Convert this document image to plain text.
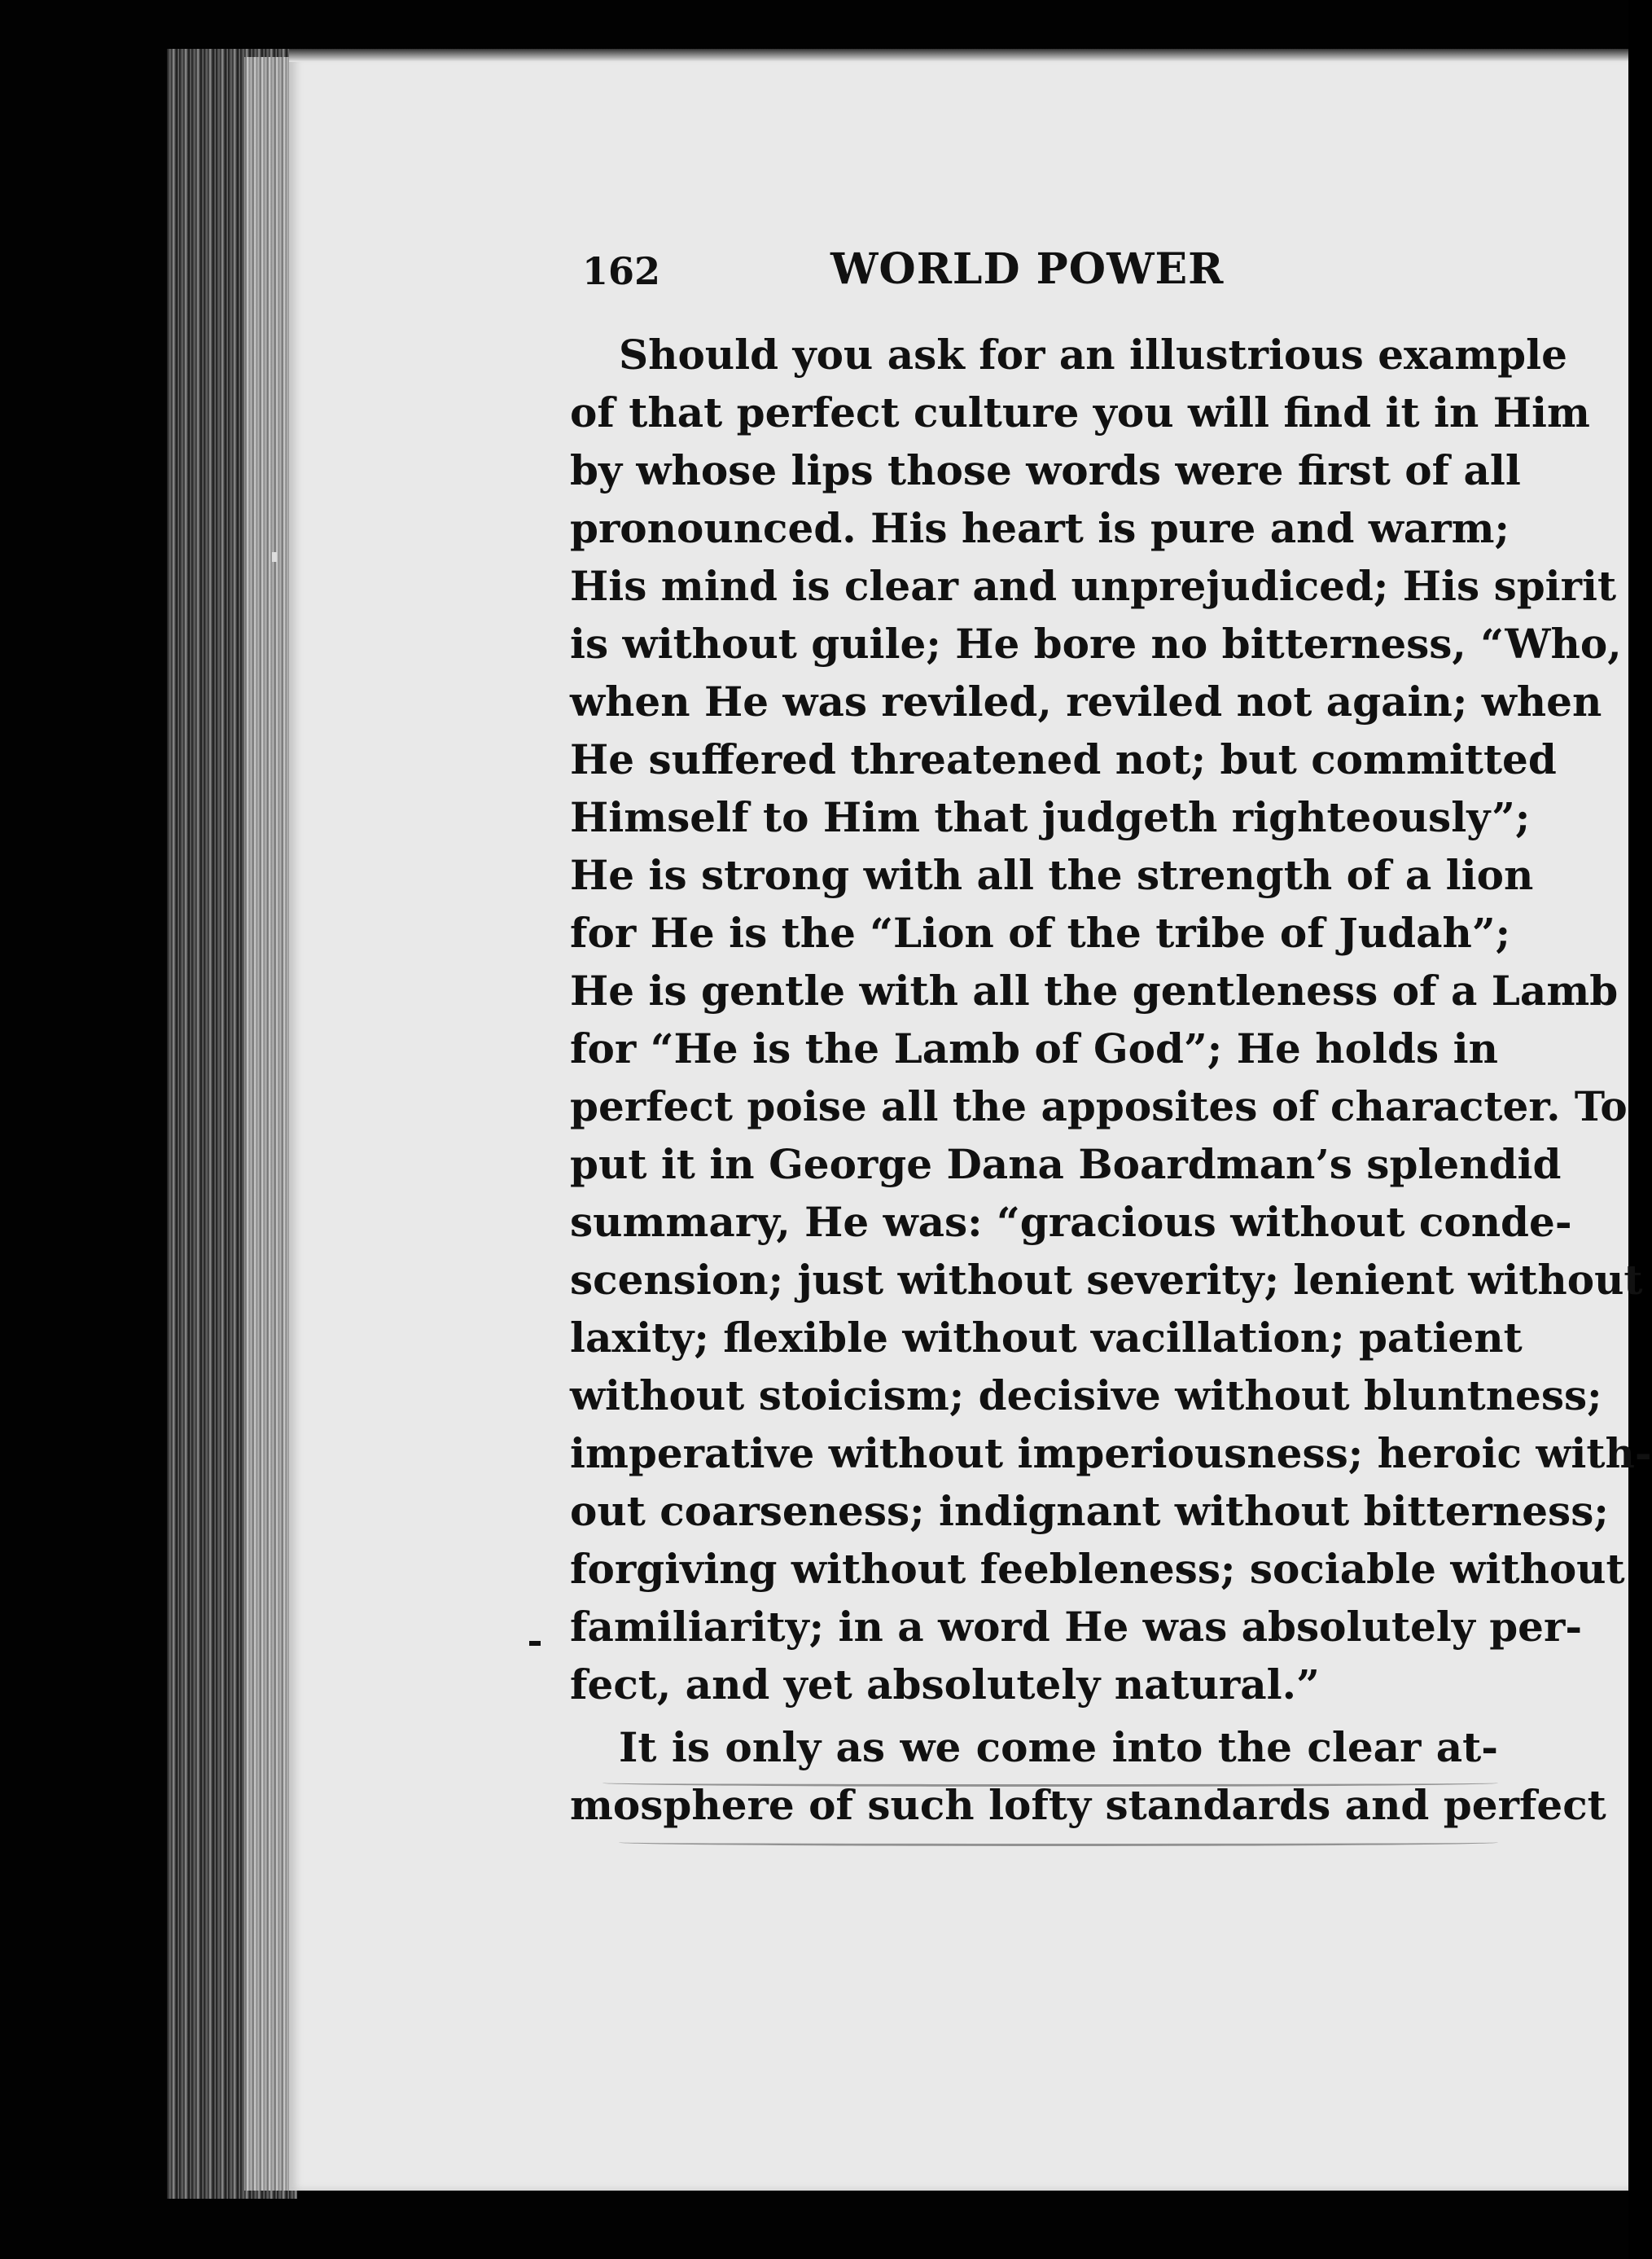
162	WORLD POWER
Should you ask for an illustrious example
of that perfect culture you will find it in Him
by whose lips those words were first of all
pronounced. His heart is pure and warm;
His mind is clear and unprejudiced; His spirit
is without guile; He bore no bitterness, “Who,
when He was reviled, reviled not again; when
He suffered threatened not; but committed
Himself to Him that judgeth righteously”;
He is strong with all the strength of a lion
for He is the “Lion of the tribe of Judah”;
He is gentle with all the gentleness of a Lamb
for “He is the Lamb of God”; He holds in
perfect poise all the apposites of character. To
put it in George Dana Boardman’s splendid
summary, He was: “gracious without conde-
scension; just without severity; lenient without
laxity; flexible without vacillation; patient
without stoicism; decisive without bluntness;
imperative without imperiousness; heroic with-
out coarseness; indignant without bitterness;
forgiving without feebleness; sociable without
familiarity; in a word He was absolutely per-
fect, and yet absolutely natural.”
It is only as we come into the clear at-
mosphere of such lofty standards and perfect
